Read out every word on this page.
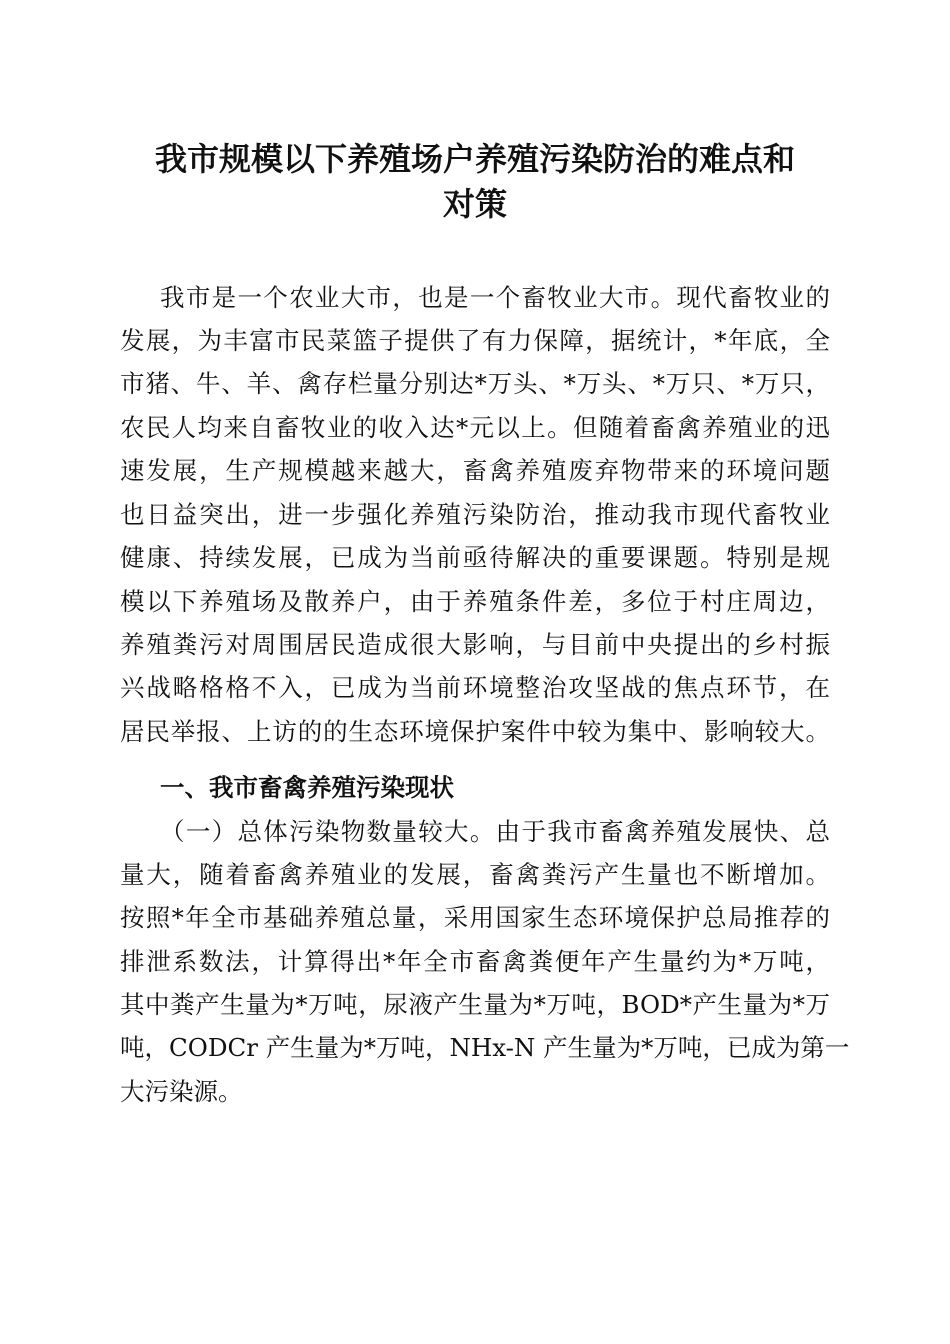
我市规模以下养殖场户养殖污染防治的难点和
对策
我市是一个农业大市，也是一个畜牧业大市。现代畜牧业的
发展，为丰富市民菜篮子提供了有力保障，据统计，*年底，全
市猪、牛、羊、禽存栏量分别达*万头、*万头、*万只、*万只，
农民人均来自畜牧业的收入达*元以上。但随着畜禽养殖业的迅
速发展，生产规模越来越大，畜禽养殖废弃物带来的环境问题
也日益突出，进一步强化养殖污染防治，推动我市现代畜牧业
健康、持续发展，已成为当前亟待解决的重要课题。特别是规
模以下养殖场及散养户，由于养殖条件差，多位于村庄周边，
养殖粪污对周围居民造成很大影响，与目前中央提出的乡村振
兴战略格格不入，已成为当前环境整治攻坚战的焦点环节，在
居民举报、上访的的生态环境保护案件中较为集中、影响较大。
一、我市畜禽养殖污染现状
（一）总体污染物数量较大。由于我市畜禽养殖发展快、总
量大，随着畜禽养殖业的发展，畜禽粪污产生量也不断增加。
按照*年全市基础养殖总量，采用国家生态环境保护总局推荐的
排泄系数法，计算得出*年全市畜禽粪便年产生量约为*万吨，
其中粪产生量为*万吨，尿液产生量为*万吨，BOD*产生量为*万
吨，CODCr 产生量为*万吨，NHx-N 产生量为*万吨，已成为第一
大污染源。
